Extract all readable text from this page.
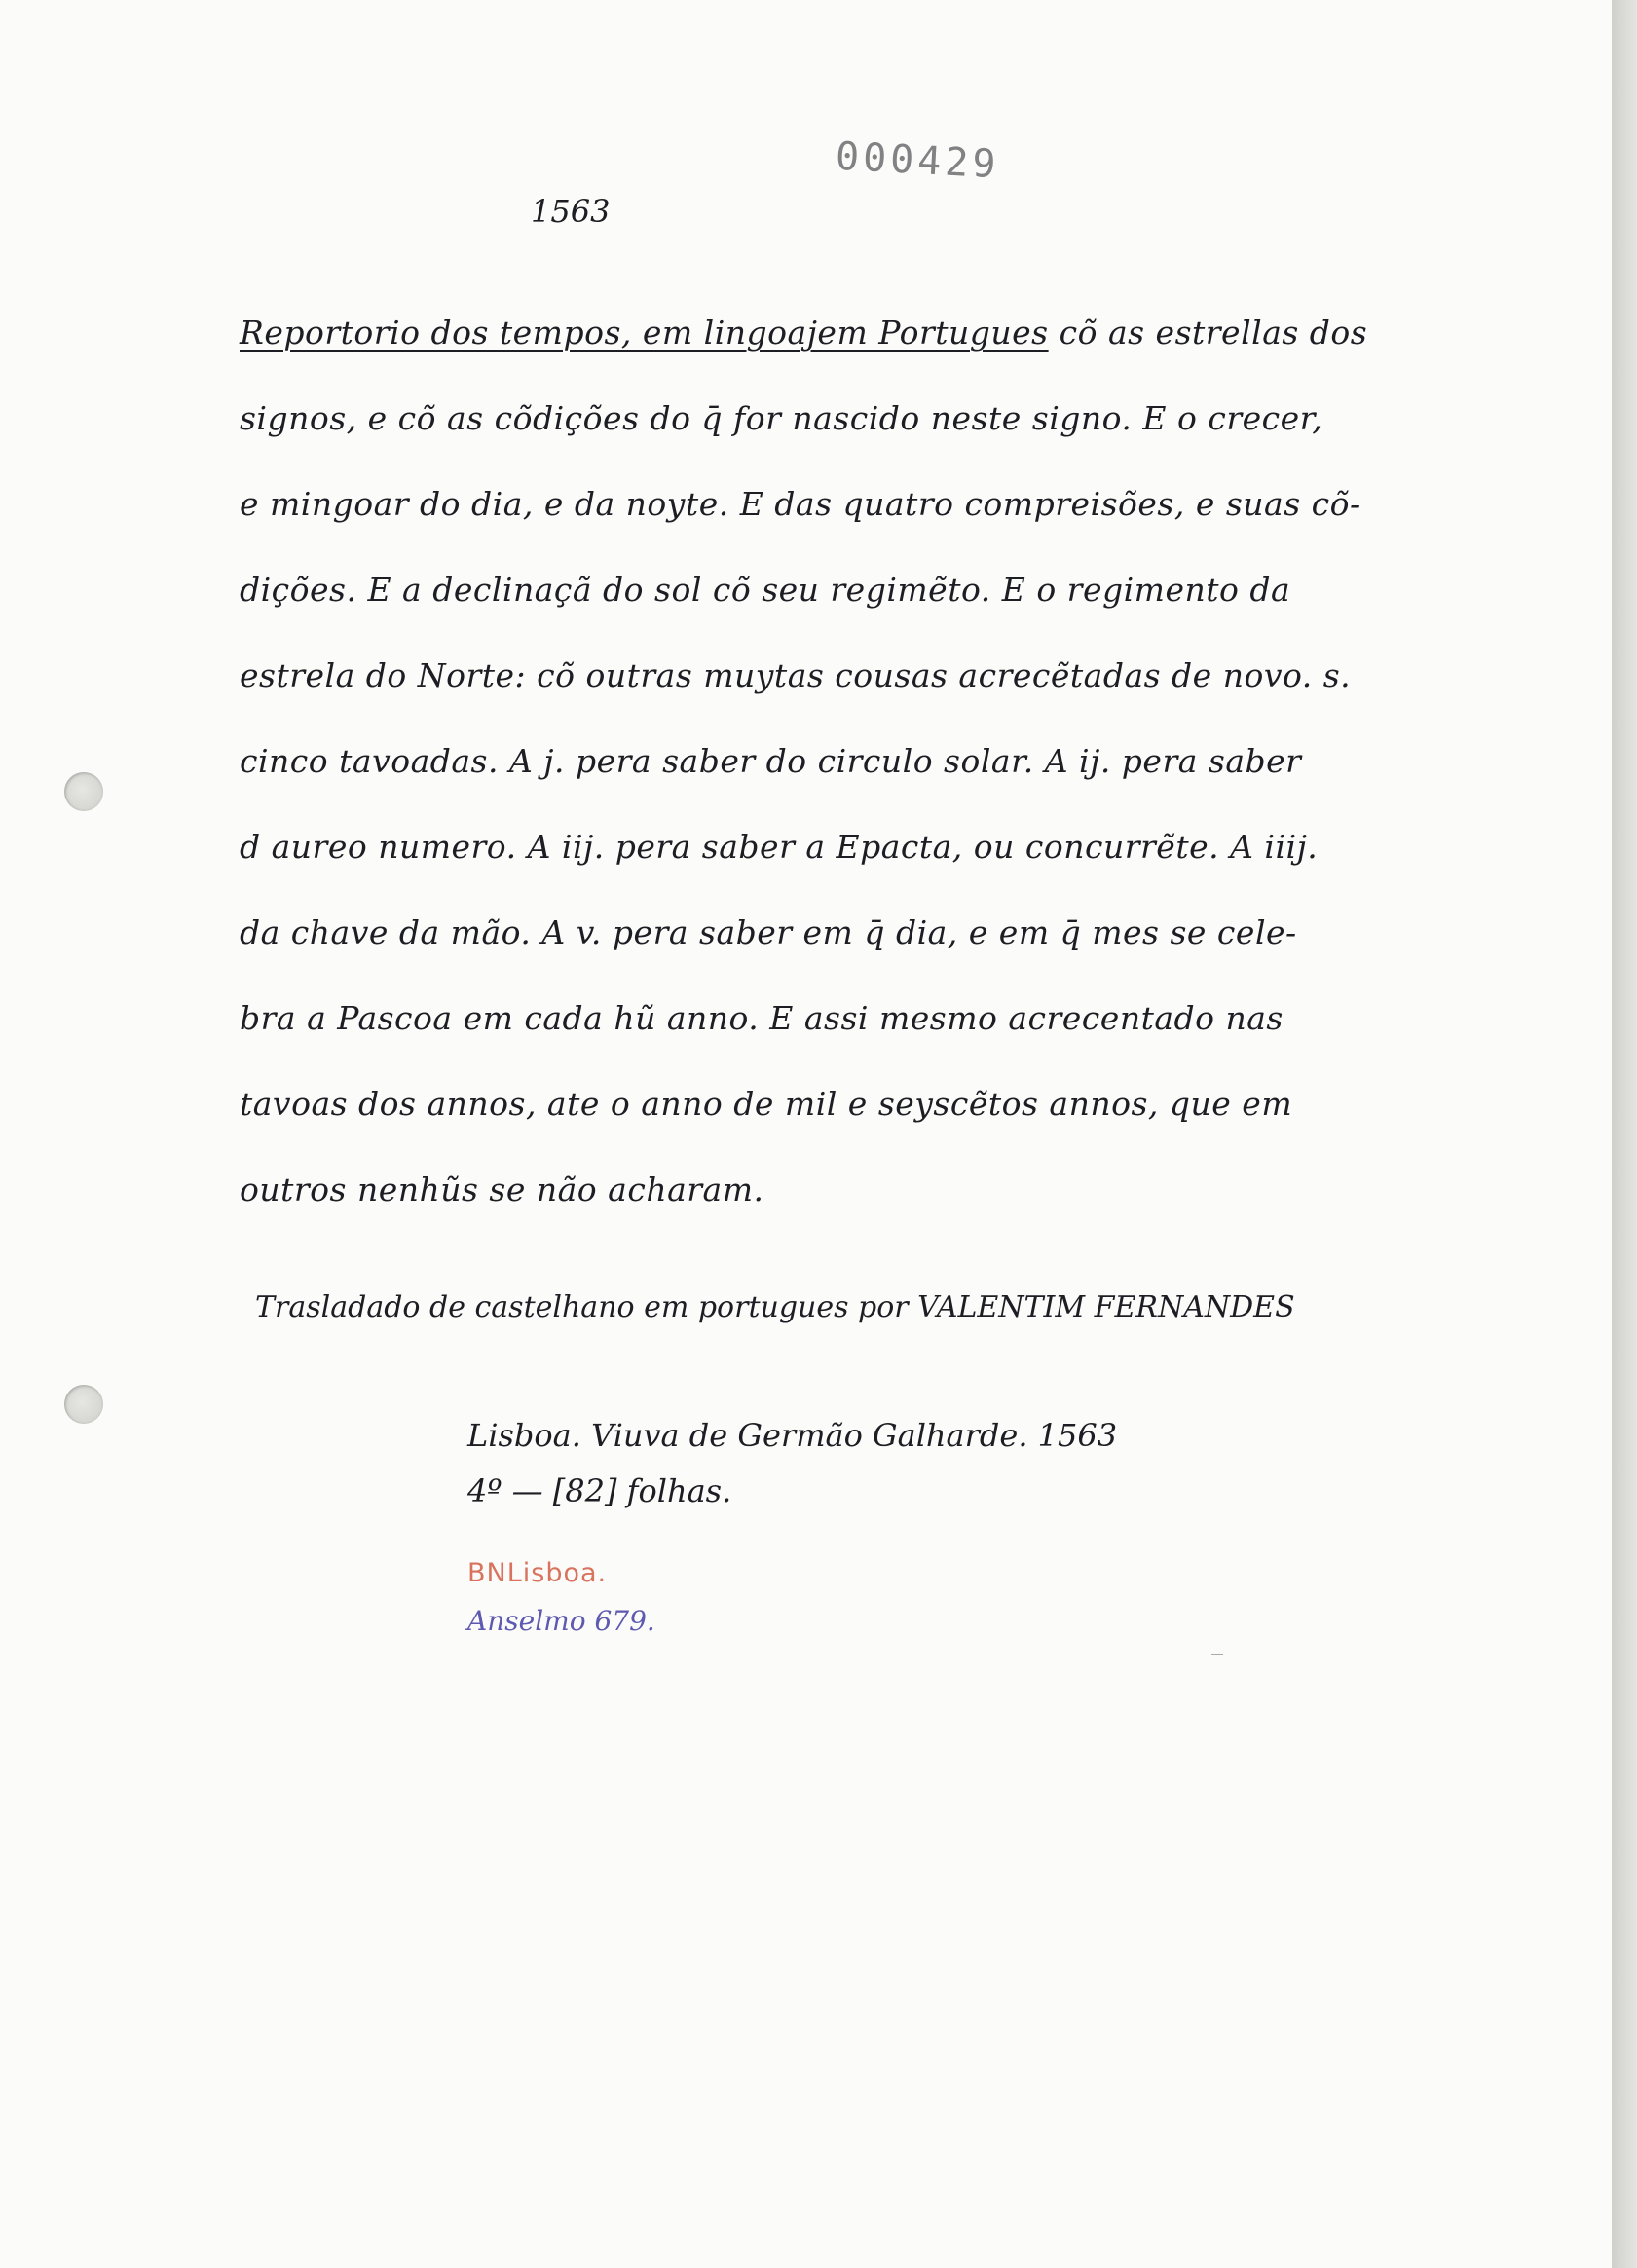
000429
1563
Reportorio dos tempos, em lingoajem Portugues cõ as estrellas dos
signos, e cõ as cõdições do q̄ for nascido neste signo. E o crecer,
e mingoar do dia, e da noyte. E das quatro compreisões, e suas cõ-
dições. E a declinaçã do sol cõ seu regimẽto. E o regimento da
estrela do Norte: cõ outras muytas cousas acrecẽtadas de novo. s.
cinco tavoadas. A j. pera saber do circulo solar. A ij. pera saber
d aureo numero. A iij. pera saber a Epacta, ou concurrẽte. A iiij.
da chave da mão. A v. pera saber em q̄ dia, e em q̄ mes se cele-
bra a Pascoa em cada hũ anno. E assi mesmo acrecentado nas
tavoas dos annos, ate o anno de mil e seyscẽtos annos, que em
outros nenhũs se não acharam.
Trasladado de castelhano em portugues por VALENTIM FERNANDES
Lisboa. Viuva de Germão Galharde. 1563
4º — [82] folhas.
BNLisboa.
Anselmo 679.
